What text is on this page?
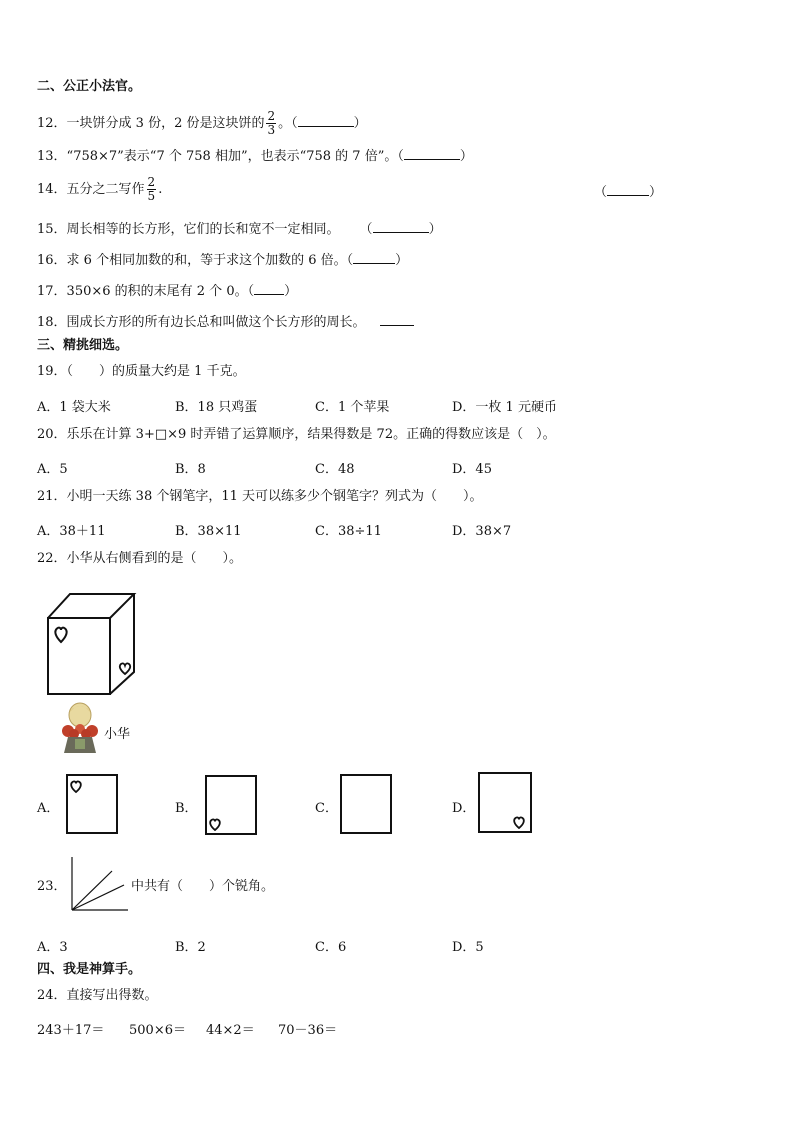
二、公正小法官。
12．一块饼分成 3 份，2 份是这块饼的 $\frac{2}{3}$ 。（	）
13．“758×7”表示“7 个 758 相加”，也表示“758 的 7 倍”。（	）
14．五分之二写作 $\frac{2}{5}$ .	（	）
15．周长相等的长方形，它们的长和宽不一定相同。 （	）
16．求 6 个相同加数的和，等于求这个加数的 6 倍。（	）
17．350×6 的积的末尾有 2 个 0。（ ）
18．围成长方形的所有边长总和叫做这个长方形的周长。
三、精挑细选。
19．（　　）的质量大约是 1 千克。
A．1 袋大米	B．18 只鸡蛋	C．1 个苹果	D．一枚 1 元硬币
20．乐乐在计算 3+□×9 时弄错了运算顺序，结果得数是 72。正确的得数应该是（　）。
A．5	B．8	C．48	D．45
21．小明一天练 38 个钢笔字，11 天可以练多少个钢笔字？列式为（　　）。
A．38＋11	B．38×11	C．38÷11	D．38×7
22．小华从右侧看到的是（　　）。
小华
A．	B．	C．	D．
23．	中共有（　　）个锐角。
A．3	B．2	C．6	D．5
四、我是神算手。
24．直接写出得数。
243＋17＝ 500×6＝ 44×2＝ 70－36＝
